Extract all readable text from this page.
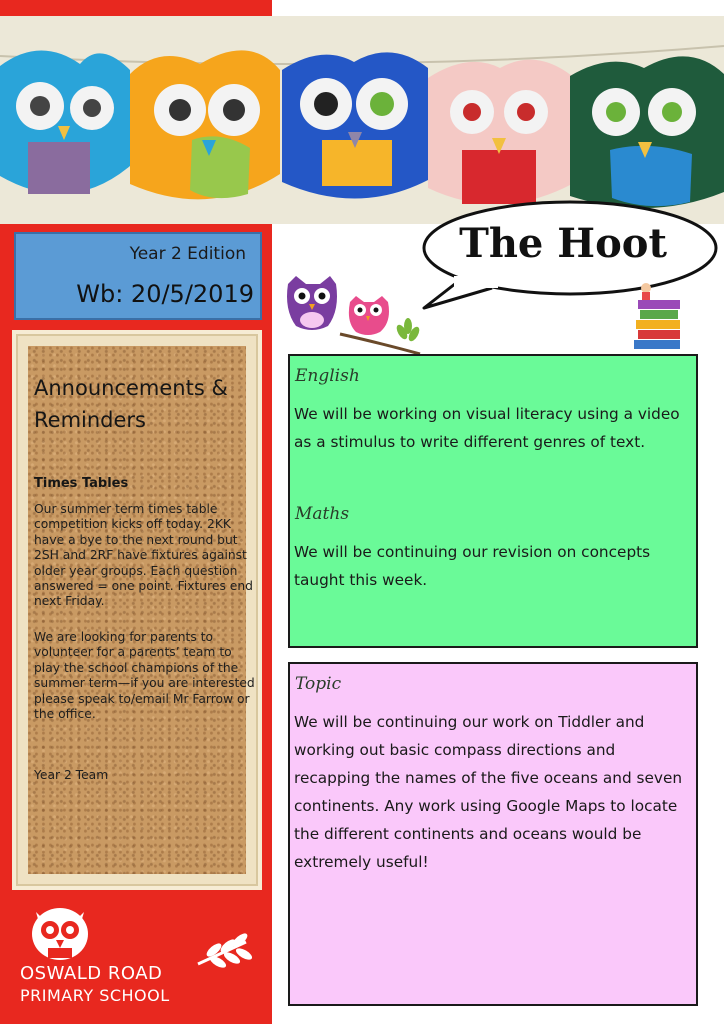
Year 2 Edition
Wb: 20/5/2019
Announcements & Reminders
Times Tables
Our summer term times table competition kicks off today. 2KK have a bye to the next round but 2SH and 2RF have fixtures against older year groups. Each question answered = one point. Fixtures end next Friday.
We are looking for parents to volunteer for a parents’ team to play the school champions of the summer term—if you are interested please speak to/email Mr Farrow or the office.
Year 2 Team
OSWALD ROAD
PRIMARY SCHOOL
The Hoot
English
We will be working on visual literacy using a video as a stimulus to write different genres of text.
Maths
We will be continuing our revision on concepts taught this week.
Topic
We will be continuing our work on Tiddler and working out basic compass directions and recapping the names of the five oceans and seven continents. Any work using Google Maps to locate the different continents and oceans would be extremely useful!
